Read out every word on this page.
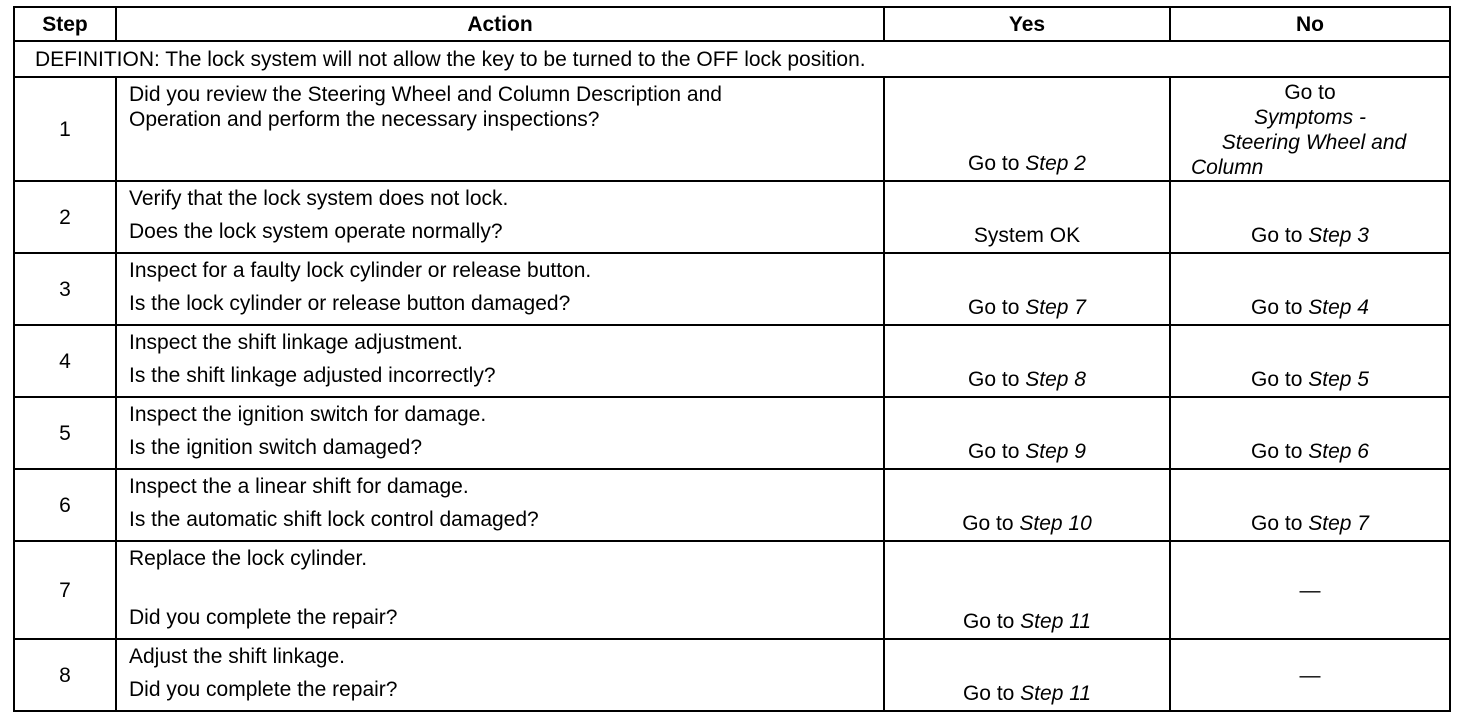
Step	Action	Yes	No
DEFINITION: The lock system will not allow the key to be turned to the OFF lock position.			
1	Did you review the Steering Wheel and Column Description and
Operation and perform the necessary inspections?	Go to Step 2	Go to
Symptoms -
Steering Wheel and
Column

2	Verify that the lock system does not lock.
Does the lock system operate normally?	System OK	Go to Step 3
3	Inspect for a faulty lock cylinder or release button.
Is the lock cylinder or release button damaged?	Go to Step 7	Go to Step 4
4	Inspect the shift linkage adjustment.
Is the shift linkage adjusted incorrectly?	Go to Step 8	Go to Step 5
5	Inspect the ignition switch for damage.
Is the ignition switch damaged?	Go to Step 9	Go to Step 6
6	Inspect the a linear shift for damage.
Is the automatic shift lock control damaged?	Go to Step 10	Go to Step 7
7	Replace the lock cylinder.
Did you complete the repair?	Go to Step 11	—
8	Adjust the shift linkage.
Did you complete the repair?	Go to Step 11	—
